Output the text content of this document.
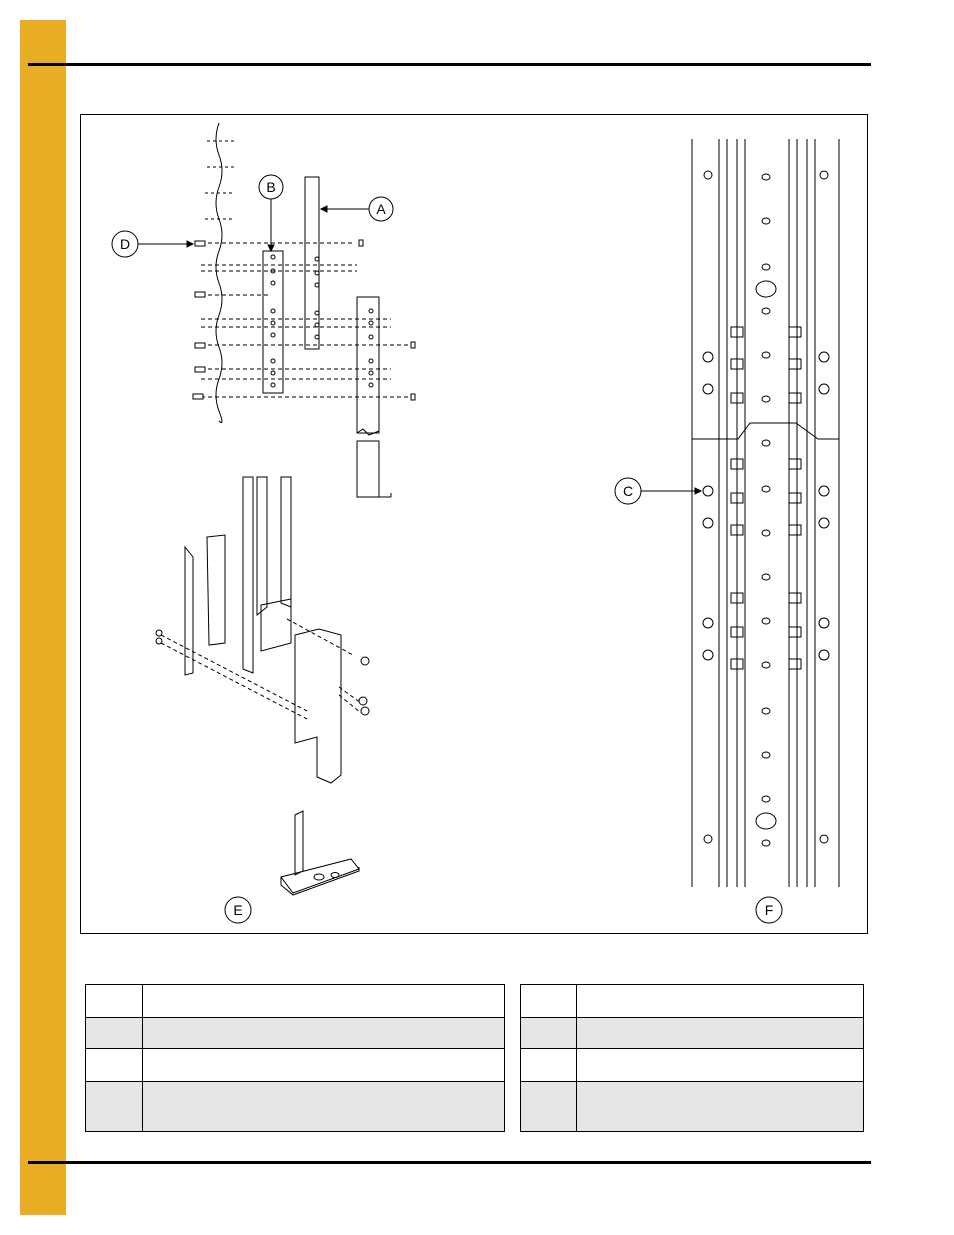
A
B
D
E
C
F
